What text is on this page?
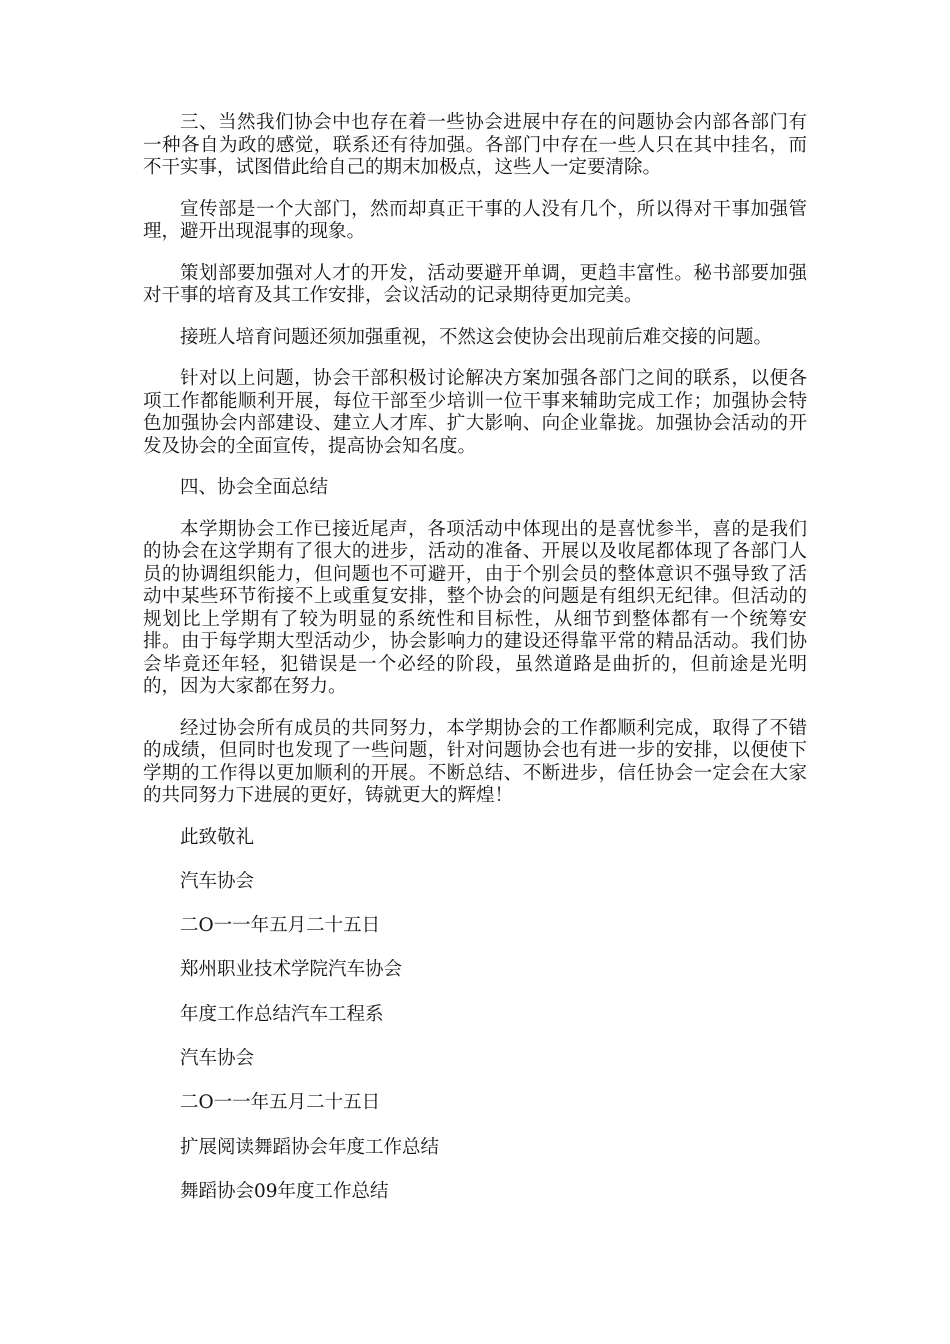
三、当然我们协会中也存在着一些协会进展中存在的问题协会内部各部门有一种各自为政的感觉，联系还有待加强。各部门中存在一些人只在其中挂名，而不干实事，试图借此给自己的期末加极点，这些人一定要清除。

宣传部是一个大部门，然而却真正干事的人没有几个，所以得对干事加强管理，避开出现混事的现象。

策划部要加强对人才的开发，活动要避开单调，更趋丰富性。秘书部要加强对干事的培育及其工作安排，会议活动的记录期待更加完美。

接班人培育问题还须加强重视，不然这会使协会出现前后难交接的问题。

针对以上问题，协会干部积极讨论解决方案加强各部门之间的联系，以便各项工作都能顺利开展，每位干部至少培训一位干事来辅助完成工作；加强协会特色加强协会内部建设、建立人才库、扩大影响、向企业靠拢。加强协会活动的开发及协会的全面宣传，提高协会知名度。

四、协会全面总结

本学期协会工作已接近尾声，各项活动中体现出的是喜忧参半，喜的是我们的协会在这学期有了很大的进步，活动的准备、开展以及收尾都体现了各部门人员的协调组织能力，但问题也不可避开，由于个别会员的整体意识不强导致了活动中某些环节衔接不上或重复安排，整个协会的问题是有组织无纪律。但活动的规划比上学期有了较为明显的系统性和目标性，从细节到整体都有一个统筹安排。由于每学期大型活动少，协会影响力的建设还得靠平常的精品活动。我们协会毕竟还年轻，犯错误是一个必经的阶段，虽然道路是曲折的，但前途是光明的，因为大家都在努力。

经过协会所有成员的共同努力，本学期协会的工作都顺利完成，取得了不错的成绩，但同时也发现了一些问题，针对问题协会也有进一步的安排，以便使下学期的工作得以更加顺利的开展。不断总结、不断进步，信任协会一定会在大家的共同努力下进展的更好，铸就更大的辉煌！

此致敬礼

汽车协会

二O一一年五月二十五日

郑州职业技术学院汽车协会

年度工作总结汽车工程系

汽车协会

二O一一年五月二十五日

扩展阅读舞蹈协会年度工作总结

舞蹈协会09年度工作总结
